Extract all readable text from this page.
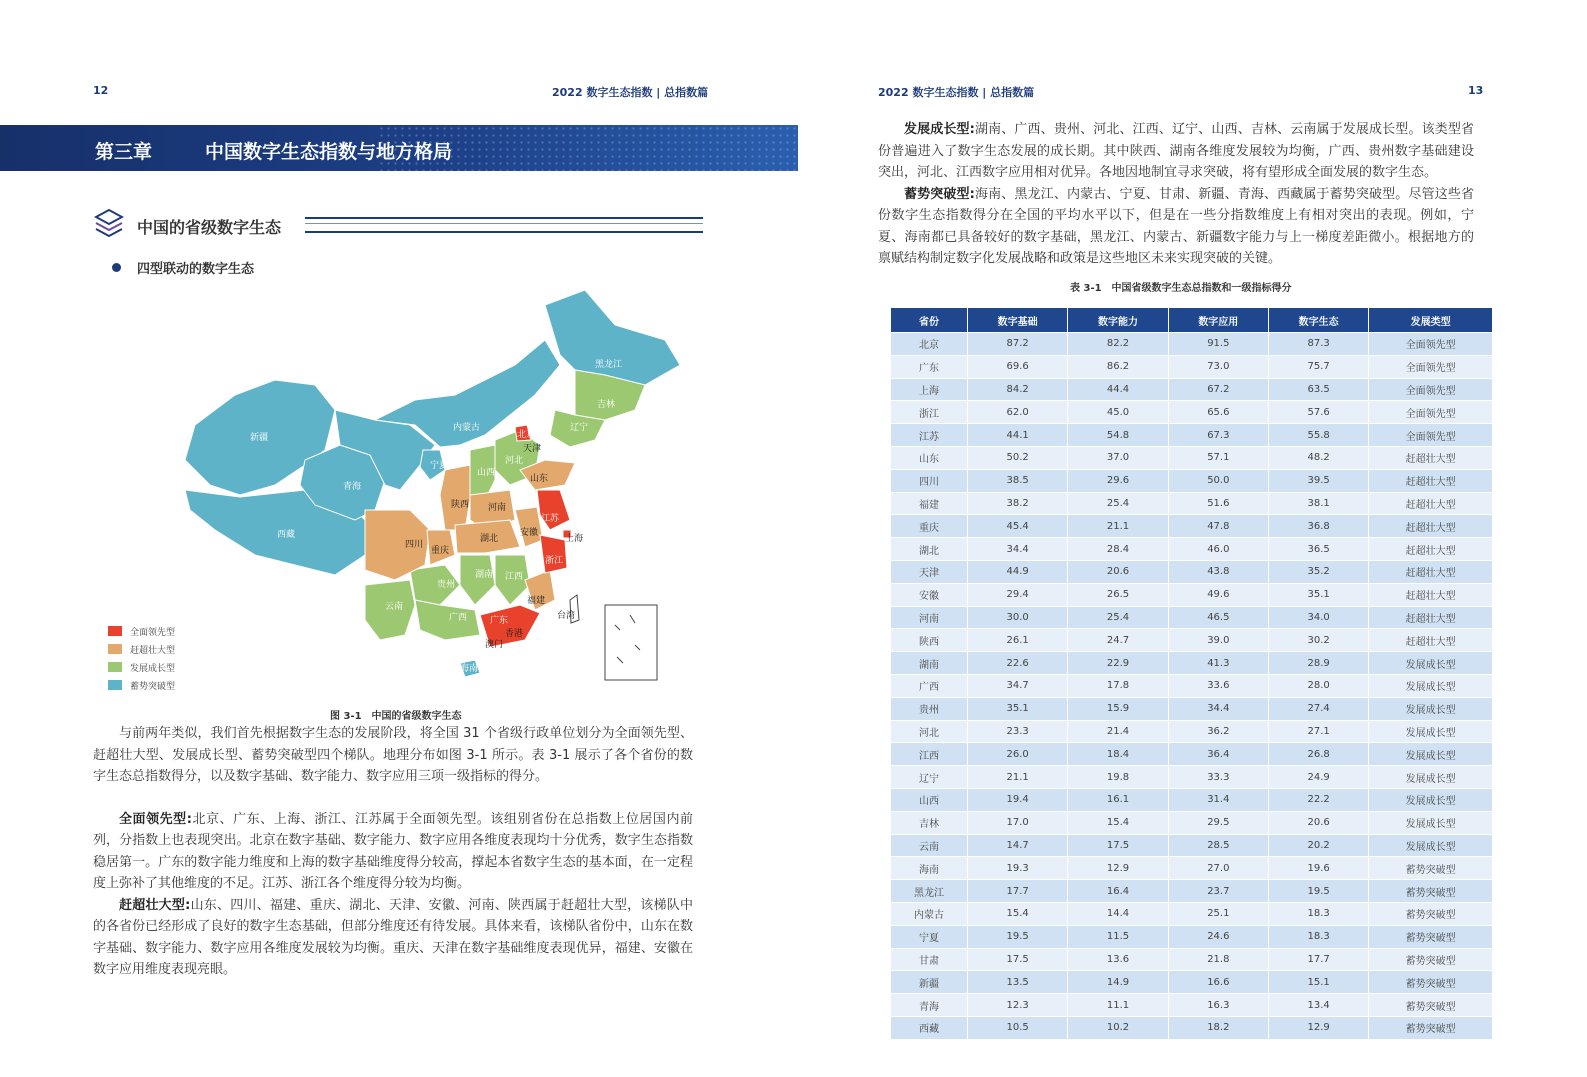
12	2022 数字生态指数 | 总指数篇
第三章	中国数字生态指数与地方格局
中国的省级数字生态
四型联动的数字生态
黑龙江
吉林
辽宁
内蒙古
新疆
青海
西藏
甘肃
宁夏
北京
天津
河北
山西
山东
陕西 河南
江苏
安徽
上海
四川
重庆
湖北
浙江
贵州
湖南 江西
福建
云南
广西	广东	台湾
海南
香港
澳门
全面领先型
赶超壮大型
发展成长型
蓄势突破型
图 3-1　中国的省级数字生态

与前两年类似，我们首先根据数字生态的发展阶段，将全国 31 个省级行政单位划分为全面领先型、赶超壮大型、发展成长型、蓄势突破型四个梯队。地理分布如图 3-1 所示。表 3-1 展示了各个省份的数字生态总指数得分，以及数字基础、数字能力、数字应用三项一级指标的得分。

全面领先型:北京、广东、上海、浙江、江苏属于全面领先型。该组别省份在总指数上位居国内前列，分指数上也表现突出。北京在数字基础、数字能力、数字应用各维度表现均十分优秀，数字生态指数稳居第一。广东的数字能力维度和上海的数字基础维度得分较高，撑起本省数字生态的基本面，在一定程度上弥补了其他维度的不足。江苏、浙江各个维度得分较为均衡。

赶超壮大型:山东、四川、福建、重庆、湖北、天津、安徽、河南、陕西属于赶超壮大型，该梯队中的各省份已经形成了良好的数字生态基础，但部分维度还有待发展。具体来看，该梯队省份中，山东在数字基础、数字能力、数字应用各维度发展较为均衡。重庆、天津在数字基础维度表现优异，福建、安徽在数字应用维度表现亮眼。

2022 数字生态指数 | 总指数篇	13

发展成长型:湖南、广西、贵州、河北、江西、辽宁、山西、吉林、云南属于发展成长型。该类型省份普遍进入了数字生态发展的成长期。其中陕西、湖南各维度发展较为均衡，广西、贵州数字基础建设突出，河北、江西数字应用相对优异。各地因地制宜寻求突破，将有望形成全面发展的数字生态。

蓄势突破型:海南、黑龙江、内蒙古、宁夏、甘肃、新疆、青海、西藏属于蓄势突破型。尽管这些省份数字生态指数得分在全国的平均水平以下，但是在一些分指数维度上有相对突出的表现。例如，宁夏、海南都已具备较好的数字基础，黑龙江、内蒙古、新疆数字能力与上一梯度差距微小。根据地方的禀赋结构制定数字化发展战略和政策是这些地区未来实现突破的关键。

表 3-1　中国省级数字生态总指数和一级指标得分
省份	数字基础	数字能力	数字应用	数字生态	发展类型
北京	87.2	82.2	91.5	87.3	全面领先型
广东	69.6	86.2	73.0	75.7	全面领先型
上海	84.2	44.4	67.2	63.5	全面领先型
浙江	62.0	45.0	65.6	57.6	全面领先型
江苏	44.1	54.8	67.3	55.8	全面领先型
山东	50.2	37.0	57.1	48.2	赶超壮大型
四川	38.5	29.6	50.0	39.5	赶超壮大型
福建	38.2	25.4	51.6	38.1	赶超壮大型
重庆	45.4	21.1	47.8	36.8	赶超壮大型
湖北	34.4	28.4	46.0	36.5	赶超壮大型
天津	44.9	20.6	43.8	35.2	赶超壮大型
安徽	29.4	26.5	49.6	35.1	赶超壮大型
河南	30.0	25.4	46.5	34.0	赶超壮大型
陕西	26.1	24.7	39.0	30.2	赶超壮大型
湖南	22.6	22.9	41.3	28.9	发展成长型
广西	34.7	17.8	33.6	28.0	发展成长型
贵州	35.1	15.9	34.4	27.4	发展成长型
河北	23.3	21.4	36.2	27.1	发展成长型
江西	26.0	18.4	36.4	26.8	发展成长型
辽宁	21.1	19.8	33.3	24.9	发展成长型
山西	19.4	16.1	31.4	22.2	发展成长型
吉林	17.0	15.4	29.5	20.6	发展成长型
云南	14.7	17.5	28.5	20.2	发展成长型
海南	19.3	12.9	27.0	19.6	蓄势突破型
黑龙江	17.7	16.4	23.7	19.5	蓄势突破型
内蒙古	15.4	14.4	25.1	18.3	蓄势突破型
宁夏	19.5	11.5	24.6	18.3	蓄势突破型
甘肃	17.5	13.6	21.8	17.7	蓄势突破型
新疆	13.5	14.9	16.6	15.1	蓄势突破型
青海	12.3	11.1	16.3	13.4	蓄势突破型
西藏	10.5	10.2	18.2	12.9	蓄势突破型
